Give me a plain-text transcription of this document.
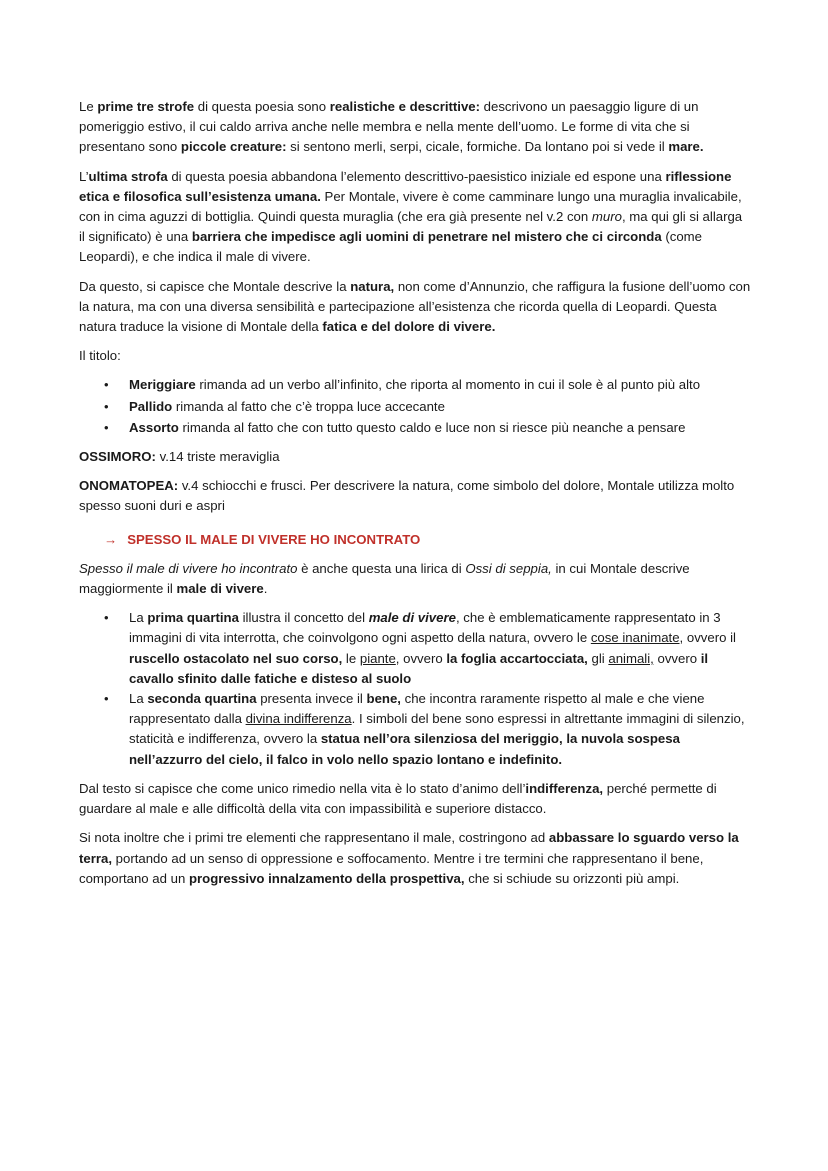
Le prime tre strofe di questa poesia sono realistiche e descrittive: descrivono un paesaggio ligure di un pomeriggio estivo, il cui caldo arriva anche nelle membra e nella mente dell’uomo. Le forme di vita che si presentano sono piccole creature: si sentono merli, serpi, cicale, formiche. Da lontano poi si vede il mare.

L’ultima strofa di questa poesia abbandona l’elemento descrittivo-paesistico iniziale ed espone una riflessione etica e filosofica sull’esistenza umana. Per Montale, vivere è come camminare lungo una muraglia invalicabile, con in cima aguzzi di bottiglia. Quindi questa muraglia (che era già presente nel v.2 con muro, ma qui gli si allarga il significato) è una barriera che impedisce agli uomini di penetrare nel mistero che ci circonda (come Leopardi), e che indica il male di vivere.

Da questo, si capisce che Montale descrive la natura, non come d’Annunzio, che raffigura la fusione dell’uomo con la natura, ma con una diversa sensibilità e partecipazione all’esistenza che ricorda quella di Leopardi. Questa natura traduce la visione di Montale della fatica e del dolore di vivere.

Il titolo:

• Meriggiare rimanda ad un verbo all’infinito, che riporta al momento in cui il sole è al punto più alto
• Pallido rimanda al fatto che c’è troppa luce accecante
• Assorto rimanda al fatto che con tutto questo caldo e luce non si riesce più neanche a pensare

OSSIMORO: v.14 triste meraviglia

ONOMATOPEA: v.4 schiocchi e frusci. Per descrivere la natura, come simbolo del dolore, Montale utilizza molto spesso suoni duri e aspri

→ SPESSO IL MALE DI VIVERE HO INCONTRATO

Spesso il male di vivere ho incontrato è anche questa una lirica di Ossi di seppia, in cui Montale descrive maggiormente il male di vivere.

• La prima quartina illustra il concetto del male di vivere, che è emblematicamente rappresentato in 3 immagini di vita interrotta, che coinvolgono ogni aspetto della natura, ovvero le cose inanimate, ovvero il ruscello ostacolato nel suo corso, le piante, ovvero la foglia accartocciata, gli animali, ovvero il cavallo sfinito dalle fatiche e disteso al suolo
• La seconda quartina presenta invece il bene, che incontra raramente rispetto al male e che viene rappresentato dalla divina indifferenza. I simboli del bene sono espressi in altrettante immagini di silenzio, staticità e indifferenza, ovvero la statua nell’ora silenziosa del meriggio, la nuvola sospesa nell’azzurro del cielo, il falco in volo nello spazio lontano e indefinito.

Dal testo si capisce che come unico rimedio nella vita è lo stato d’animo dell’indifferenza, perché permette di guardare al male e alle difficoltà della vita con impassibilità e superiore distacco.

Si nota inoltre che i primi tre elementi che rappresentano il male, costringono ad abbassare lo sguardo verso la terra, portando ad un senso di oppressione e soffocamento. Mentre i tre termini che rappresentano il bene, comportano ad un progressivo innalzamento della prospettiva, che si schiude su orizzonti più ampi.
